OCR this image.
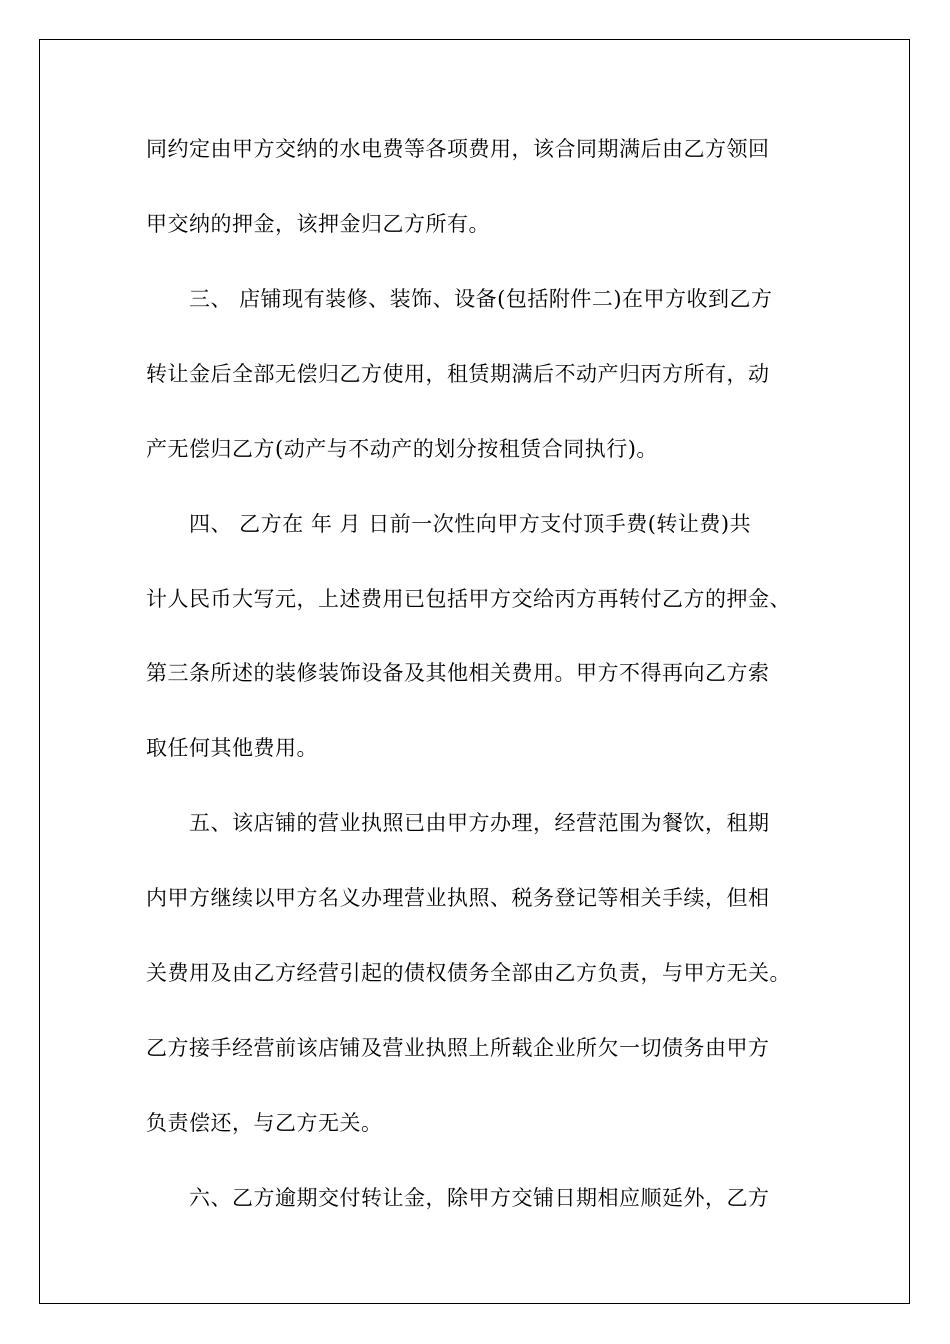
同约定由甲方交纳的水电费等各项费用，该合同期满后由乙方领回
甲交纳的押金，该押金归乙方所有。
　　三、 店铺现有装修、装饰、设备(包括附件二)在甲方收到乙方
转让金后全部无偿归乙方使用，租赁期满后不动产归丙方所有，动
产无偿归乙方(动产与不动产的划分按租赁合同执行)。
　　四、 乙方在 年 月 日前一次性向甲方支付顶手费(转让费)共
计人民币大写元，上述费用已包括甲方交给丙方再转付乙方的押金、
第三条所述的装修装饰设备及其他相关费用。甲方不得再向乙方索
取任何其他费用。
　　五、该店铺的营业执照已由甲方办理，经营范围为餐饮，租期
内甲方继续以甲方名义办理营业执照、税务登记等相关手续，但相
关费用及由乙方经营引起的债权债务全部由乙方负责，与甲方无关。
乙方接手经营前该店铺及营业执照上所载企业所欠一切债务由甲方
负责偿还，与乙方无关。
　　六、乙方逾期交付转让金，除甲方交铺日期相应顺延外，乙方
